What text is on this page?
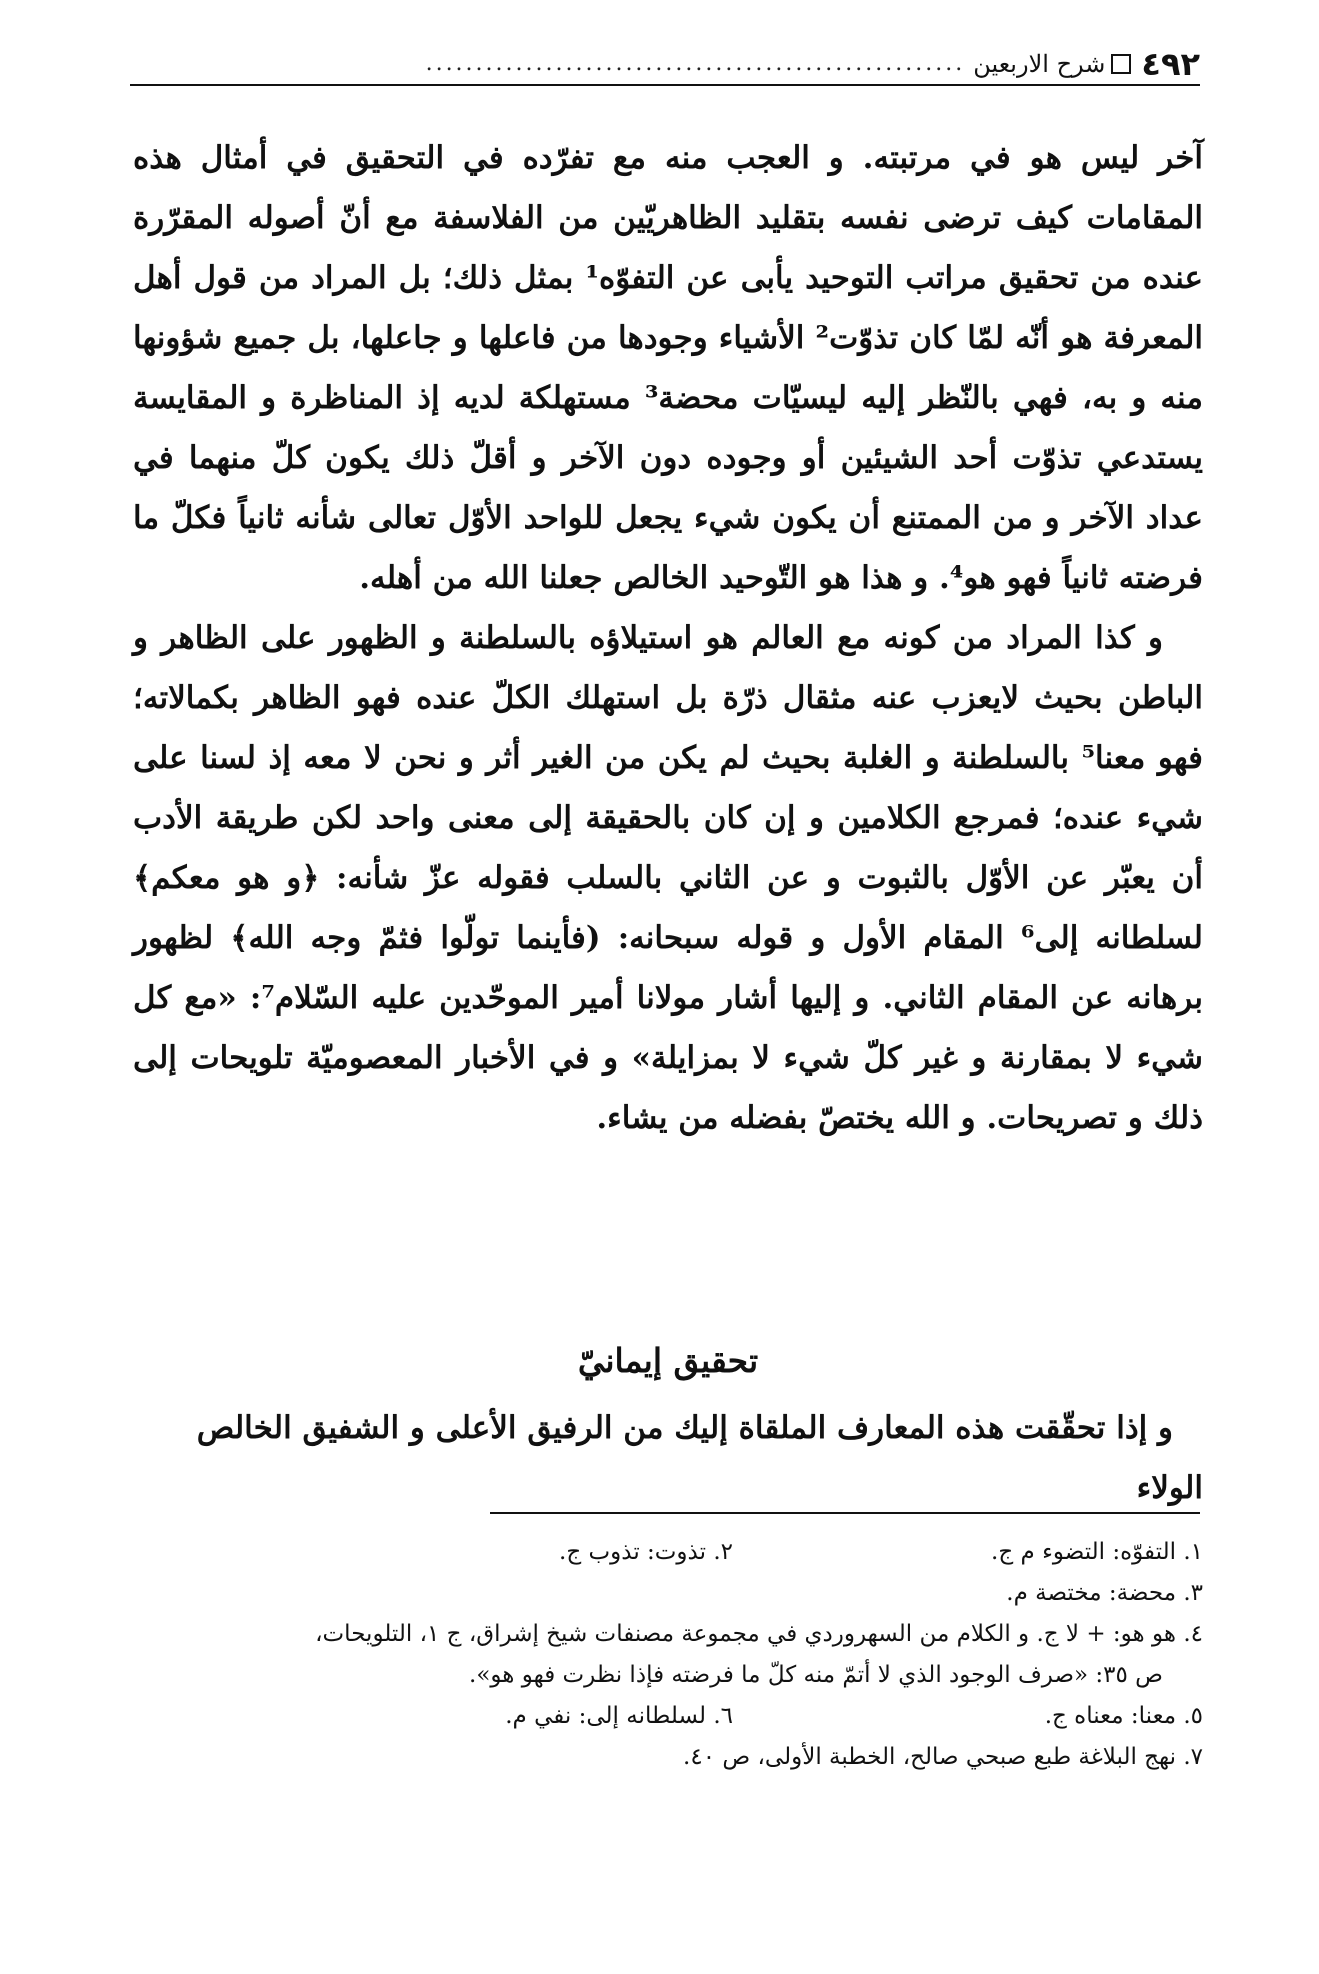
٤٩٢
شرح الاربعين
......................................................

آخر ليس هو في مرتبته. و العجب منه مع تفرّده في التحقيق في أمثال هذه المقامات كيف ترضى نفسه بتقليد الظاهريّين من الفلاسفة مع أنّ أصوله المقرّرة عنده من تحقيق مراتب التوحيد يأبى عن التفوّه¹ بمثل ذلك؛ بل المراد من قول أهل المعرفة هو أنّه لمّا كان تذوّت² الأشياء وجودها من فاعلها و جاعلها، بل جميع شؤونها منه و به، فهي بالنّظر إليه ليسيّات محضة³ مستهلكة لديه إذ المناظرة و المقايسة يستدعي تذوّت أحد الشيئين أو وجوده دون الآخر و أقلّ ذلك يكون كلّ منهما في عداد الآخر و من الممتنع أن يكون شيء يجعل للواحد الأوّل تعالى شأنه ثانياً فكلّ ما فرضته ثانياً فهو هو⁴. و هذا هو التّوحيد الخالص جعلنا الله من أهله.

و كذا المراد من كونه مع العالم هو استيلاؤه بالسلطنة و الظهور على الظاهر و الباطن بحيث لايعزب عنه مثقال ذرّة بل استهلك الكلّ عنده فهو الظاهر بكمالاته؛ فهو معنا⁵ بالسلطنة و الغلبة بحيث لم يكن من الغير أثر و نحن لا معه إذ لسنا على شيء عنده؛ فمرجع الكلامين و إن كان بالحقيقة إلى معنى واحد لكن طريقة الأدب أن يعبّر عن الأوّل بالثبوت و عن الثاني بالسلب فقوله عزّ شأنه: ﴿و هو معكم﴾ لسلطانه إلى⁶ المقام الأول و قوله سبحانه: (فأينما تولّوا فثمّ وجه الله﴾ لظهور برهانه عن المقام الثاني. و إليها أشار مولانا أمير الموحّدين عليه السّلام⁷: «مع كل شيء لا بمقارنة و غير كلّ شيء لا بمزايلة» و في الأخبار المعصوميّة تلويحات إلى ذلك و تصريحات. و الله يختصّ بفضله من يشاء.

تحقيق إيمانيّ
و إذا تحقّقت هذه المعارف الملقاة إليك من الرفيق الأعلى و الشفيق الخالص الولاء
١. التفوّه: التضوء م ج.
٢. تذوت: تذوب ج.
٣. محضة: مختصة م.
٤. هو هو: + لا ج. و الكلام من السهروردي في مجموعة مصنفات شيخ إشراق، ج ١، التلويحات،
ص ٣٥: «صرف الوجود الذي لا أتمّ منه كلّ ما فرضته فإذا نظرت فهو هو».
٥. معنا: معناه ج.
٦. لسلطانه إلى: نفي م.
٧. نهج البلاغة طبع صبحي صالح، الخطبة الأولى، ص ٤٠.
